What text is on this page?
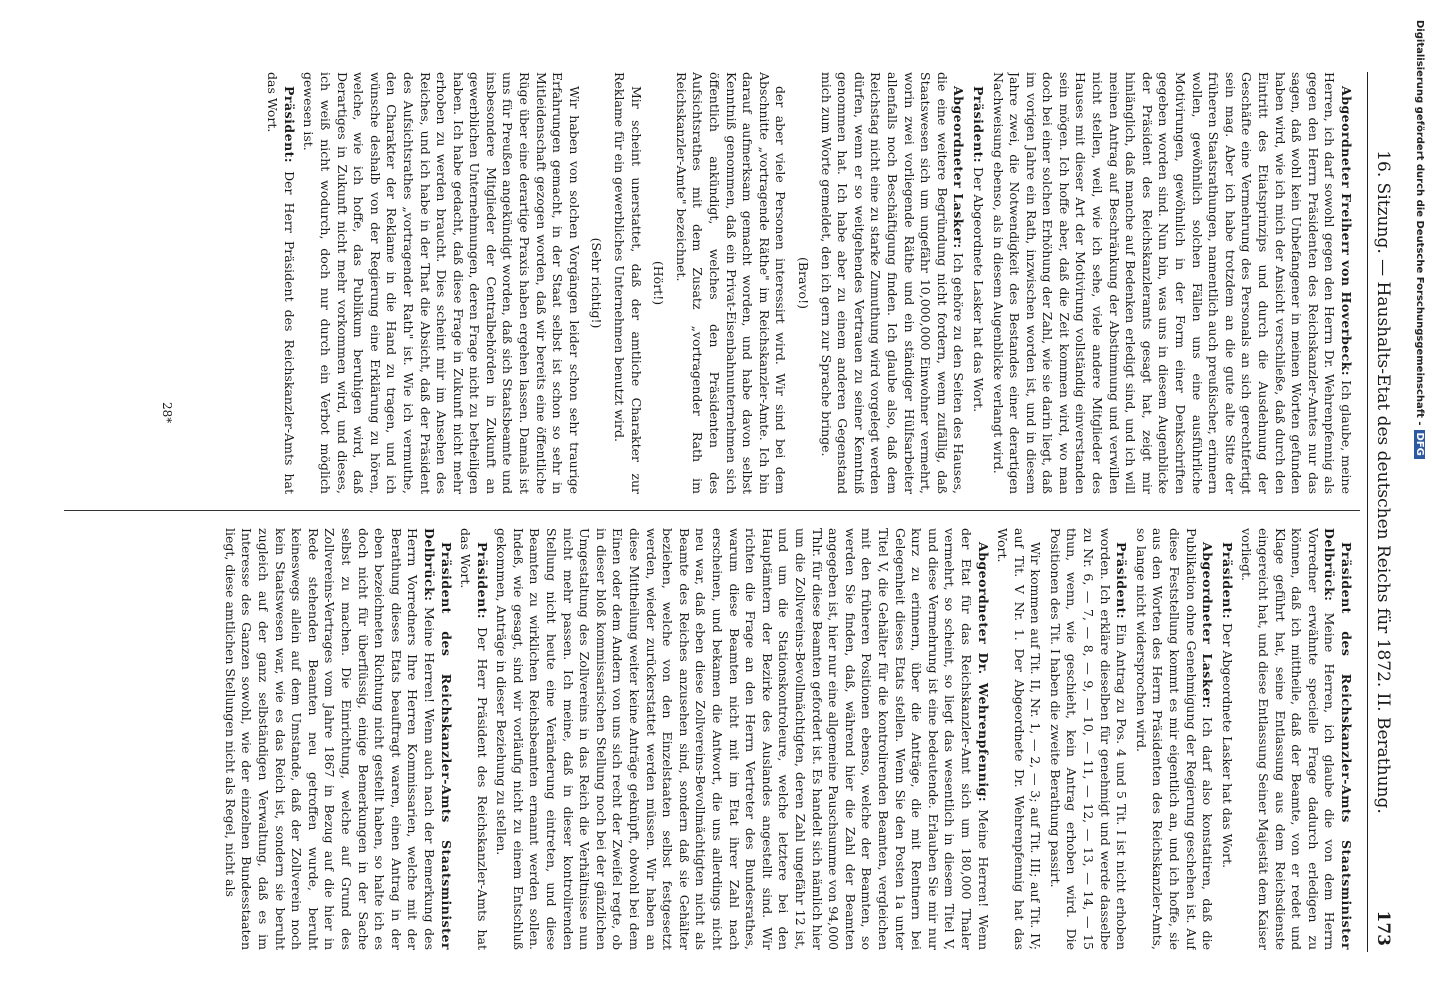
16. Sitzung. — Haushalts-Etat des deutschen Reichs für 1872. II. Berathung.
173

Abgeordneter Freiherr von Hoverbeck: Ich glaube, meine Herren, ich darf sowohl gegen den Herrn Dr. Wehrenpfennig als gegen den Herrn Präsidenten des Reichskanzler-Amtes nur das sagen, daß wohl kein Unbefangener in meinen Worten gefunden haben wird, wie ich mich der Ansicht verschließe, daß durch den Eintritt des Etiatsprinzips und durch die Ausdehnung der Geschäfte eine Vermehrung des Personals an sich gerechtfertigt sein mag. Aber ich habe trotzdem an die gute alte Sitte der früheren Staatsrathungen, namentlich auch preußischer, erinnern wollen, gewöhnlich solchen Fällen uns eine ausführliche Motivirungen, gewöhnlich in der Form einer Denkschriften gegeben worden sind. Nun bin, was uns in diesem Augenblicke der Präsident des Reichskanzleramts gesagt hat, zeigt mir hinlänglich, daß manche auf Bedenken erledigt sind, und ich will meinen Antrag auf Beschränkung der Abstimmung und verwillen nicht stellen, weil, wie ich sehe, viele andere Mitglieder des Hauses mit dieser Art der Motivirung vollständig einverstanden sein mögen. Ich hoffe aber, daß die Zeit kommen wird, wo man doch bei einer solchen Erhöhung der Zahl, wie sie darin liegt, daß im vorigen Jahre ein Rath, inzwischen worden ist, und in diesem Jahre zwei, die Notwendigkeit des Bestandes einer derartigen Nachweisung ebenso, als in diesem Augenblicke verlangt wird.

Präsident: Der Abgeordnete Lasker hat das Wort.

Abgeordneter Lasker: Ich gehöre zu den Seiten des Hauses, die eine weitere Begründung nicht fordern, wenn zufällig, daß Staatswesen sich um ungefähr 10,000,000 Einwohner vermehrt, worin zwei vorliegende Räthe und ein ständiger Hülfsarbeiter allenfalls noch Beschäftigung finden. Ich glaube also, daß dem Reichstag nicht eine zu starke Zumuthung wird vorgelegt werden dürfen, wenn er so weitgehendes Vertrauen zu seiner Kenntniß genommen hat. Ich habe aber zu einem anderen Gegenstand mich zum Worte gemeldet, den ich gern zur Sprache bringe.

(Bravo!)

der aber viele Personen interessirt wird. Wir sind bei dem Abschnitte „vortragende Räthe" im Reichskanzler-Amte. Ich bin darauf aufmerksam gemacht worden, und habe davon selbst Kenntniß genommen, daß ein Privat-Eisenbahnunternehmen sich öffentlich ankündigt, welches den Präsidenten des Aufsichtsrathes mit dem Zusatz „vortragender Rath im Reichskanzler-Amte" bezeichnet.

(Hört!)

Mir scheint unerstattet, daß der amtliche Charakter zur Reklame für ein gewerbliches Unternehmen benutzt wird.

(Sehr richtig!)

Wir haben von solchen Vorgängen leider schon sehr traurige Erfahrungen gemacht, in der Staat selbst ist schon so sehr in Mitleidenschaft gezogen worden, daß wir bereits eine öffentliche Rüge über eine derartige Praxis haben ergehen lassen. Damals ist uns für Preußen angekündigt worden, daß sich Staatsbeamte und insbesondere Mitglieder der Centralbehörden in Zukunft an gewerblichen Unternehmungen, deren Frage nicht zu betheiligen haben. Ich habe gedacht, daß diese Frage in Zukunft nicht mehr erhoben zu werden braucht. Dies scheint mir im Ansehen des Reiches, und ich habe in der That die Absicht, daß der Präsident des Aufsichtsrathes „vortragender Rath" ist. Wie ich vermuthe, den Charakter der Reklame in die Hand zu tragen, und ich wünsche deshalb von der Regierung eine Erklärung zu hören, welche, wie ich hoffe, das Publikum beruhigen wird, daß Derartiges in Zukunft nicht mehr vorkommen wird, und dieses, ich weiß nicht wodurch, doch nur durch ein Verbot möglich gewesen ist.

Präsident: Der Herr Präsident des Reichskanzler-Amts hat das Wort.

Präsident des Reichskanzler-Amts Staatsminister Delbrück: Meine Herren, ich glaube die von dem Herrn Vorredner erwähnte specielle Frage dadurch erledigen zu können, daß ich mittheile, daß der Beamte, von er redet und Klage geführt hat, seine Entlassung aus dem Reichsdienste eingereicht hat, und diese Entlassung Seiner Majestät dem Kaiser vorliegt.

Präsident: Der Abgeordnete Lasker hat das Wort.

Abgeordneter Lasker: Ich darf also konstatiren, daß die Publikation ohne Genehmigung der Regierung geschehen ist. Auf diese Feststellung kommt es mir eigentlich an, und ich hoffe, sie aus den Worten des Herrn Präsidenten des Reichskanzler-Amts, so lange nicht widersprochen wird.

Präsident: Ein Antrag zu Pos. 4 und 5 Tit. I ist nicht erhoben worden. Ich erkläre dieselben für genehmigt und werde dasselbe zu Nr. 6, — 7, — 8, — 9, — 10, — 11, — 12, — 13, — 14, — 15 thun, wenn, wie geschieht, kein Antrag erhoben wird. Die Positionen des Tit. I haben die zweite Berathung passirt.

Wir kommen auf Tit. II, Nr. 1, — 2, — 3; auf Tit. III; auf Tit. IV; auf Tit. V Nr. 1. Der Abgeordnete Dr. Wehrenpfennig hat das Wort.

Abgeordneter Dr. Wehrenpfennig: Meine Herren! Wenn der Etat für das Reichskanzler-Amt sich um 180,000 Thaler vermehrt, so scheint, so liegt das wesentlich in diesem Titel V, und diese Vermehrung ist eine bedeutende. Erlauben Sie mir nur kurz zu erinnern, über die Anträge, die mit Rentnern bei Gelegenheit dieses Etats stellen. Wenn Sie den Posten 1a unter Titel V, die Gehälter für die kontrolirenden Beamten, vergleichen mit den früheren Positionen ebenso, welche der Beamten, so werden Sie finden, daß, während hier die Zahl der Beamten angegeben ist, hier nur eine allgemeine Pauschsumme von 94,000 Thlr. für diese Beamten gefordert ist. Es handelt sich nämlich hier um die Zollvereins-Bevollmächtigten, deren Zahl ungefähr 12 ist, und um die Stationskontroleure, welche letztere bei den Hauptämtern der Bezirke des Auslandes angestellt sind. Wir richten die Frage an den Herrn Vertreter des Bundesrathes, warum diese Beamten nicht mit im Etat ihrer Zahl nach erscheinen, und bekamen die Antwort, die uns allerdings nicht neu war, daß eben diese Zollvereins-Bevollmächtigten nicht als Beamte des Reiches anzusehen sind, sondern daß sie Gehälter beziehen, welche von den Einzelstaaten selbst festgesetzt werden, wieder zurückerstattet werden müssen. Wir haben an diese Mittheilung weiter keine Anträge geknüpft, obwohl bei dem Einen oder dem Andern von uns sich recht der Zweifel regte, ob in dieser bloß kommissarischen Stellung noch bei der gänzlichen Umgestaltung des Zollvereins in das Reich die Verhältnisse nun nicht mehr passen. Ich meine, daß in dieser kontrolirenden Stellung nicht heute eine Veränderung eintreten, und diese Beamten zu wirklichen Reichsbeamten ernannt werden sollen. Indeß, wie gesagt, sind wir vorläufig nicht zu einem Entschluß gekommen, Anträge in dieser Beziehung zu stellen.

Präsident: Der Herr Präsident des Reichskanzler-Amts hat das Wort.

Präsident des Reichskanzler-Amts Staatsminister Delbrück: Meine Herren! Wenn auch nach der Bemerkung des Herrn Vorredners Ihre Herren Kommissarien, welche mit der Berathung dieses Etats beauftragt waren, einen Antrag in der eben bezeichneten Richtung nicht gestellt haben, so halte ich es doch nicht für überflüssig, einige Bemerkungen in der Sache selbst zu machen. Die Einrichtung, welche auf Grund des Zollvereins-Vertrages vom Jahre 1867 in Bezug auf die hier in Rede stehenden Beamten neu getroffen wurde, beruht keineswegs allein auf dem Umstande, daß der Zollverein noch kein Staatswesen war, wie es das Reich ist, sondern sie beruht zugleich auf der ganz selbständigen Verwaltung, daß es im Interesse des Ganzen sowohl, wie der einzelnen Bundesstaaten liegt, diese amtlichen Stellungen nicht als Regel, nicht als

28*	Digitalisierung gefördert durch die Deutsche Forschungsgemeinschaft -DFG
